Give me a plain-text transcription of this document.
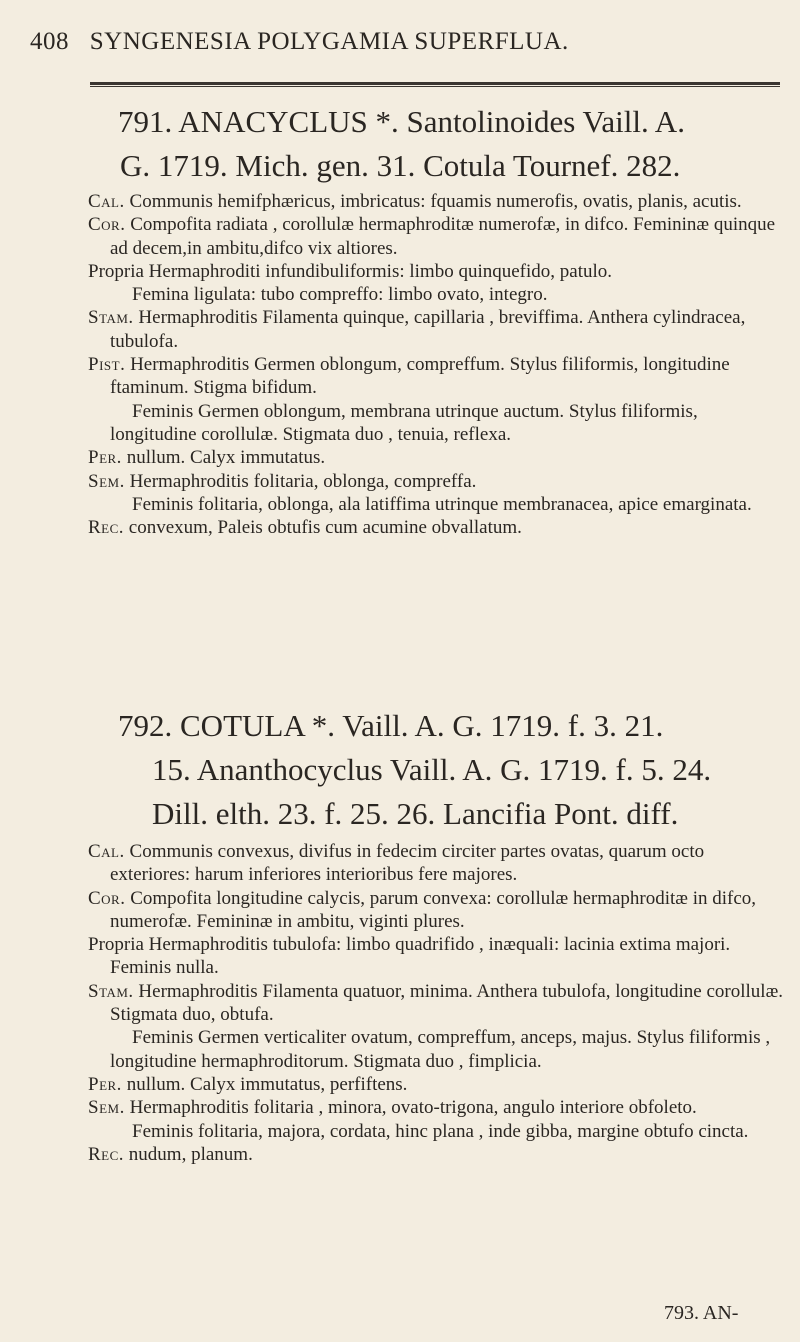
408 SYNGENESIA POLYGAMIA SUPERFLUA.
791. ANACYCLUS *. Santolinoides Vaill. A.
G. 1719. Mich. gen. 31. Cotula Tournef. 282.

Cal. Communis hemifphæricus, imbricatus: fquamis numerofis, ovatis, planis, acutis.

Cor. Compofita radiata , corollulæ hermaphroditæ numerofæ, in difco. Femininæ quinque ad decem,in ambitu,difco vix altiores.

Propria Hermaphroditi infundibuliformis: limbo quinquefido, patulo.

Femina ligulata: tubo compreffo: limbo ovato, integro.

Stam. Hermaphroditis Filamenta quinque, capillaria , breviffima. Anthera cylindracea, tubulofa.

Pist. Hermaphroditis Germen oblongum, compreffum. Stylus filiformis, longitudine ftaminum. Stigma bifidum.

Feminis Germen oblongum, membrana utrinque auctum. Stylus filiformis, longitudine corollulæ. Stigmata duo , tenuia, reflexa.

Per. nullum. Calyx immutatus.

Sem. Hermaphroditis folitaria, oblonga, compreffa.

Feminis folitaria, oblonga, ala latiffima utrinque membranacea, apice emarginata.

Rec. convexum, Paleis obtufis cum acumine obvallatum.

792. COTULA *. Vaill. A. G. 1719. f. 3. 21.
15. Ananthocyclus Vaill. A. G. 1719. f. 5. 24.
Dill. elth. 23. f. 25. 26. Lancifia Pont. diff.

Cal. Communis convexus, divifus in fedecim circiter partes ovatas, quarum octo exteriores: harum inferiores interioribus fere majores.

Cor. Compofita longitudine calycis, parum convexa: corollulæ hermaphroditæ in difco, numerofæ. Femininæ in ambitu, viginti plures.

Propria Hermaphroditis tubulofa: limbo quadrifido , inæquali: lacinia extima majori. Feminis nulla.

Stam. Hermaphroditis Filamenta quatuor, minima. Anthera tubulofa, longitudine corollulæ. Stigmata duo, obtufa.

Feminis Germen verticaliter ovatum, compreffum, anceps, majus. Stylus filiformis , longitudine hermaphroditorum. Stigmata duo , fimplicia.

Per. nullum. Calyx immutatus, perfiftens.

Sem. Hermaphroditis folitaria , minora, ovato-trigona, angulo interiore obfoleto.

Feminis folitaria, majora, cordata, hinc plana , inde gibba, margine obtufo cincta.

Rec. nudum, planum.

793. AN-
